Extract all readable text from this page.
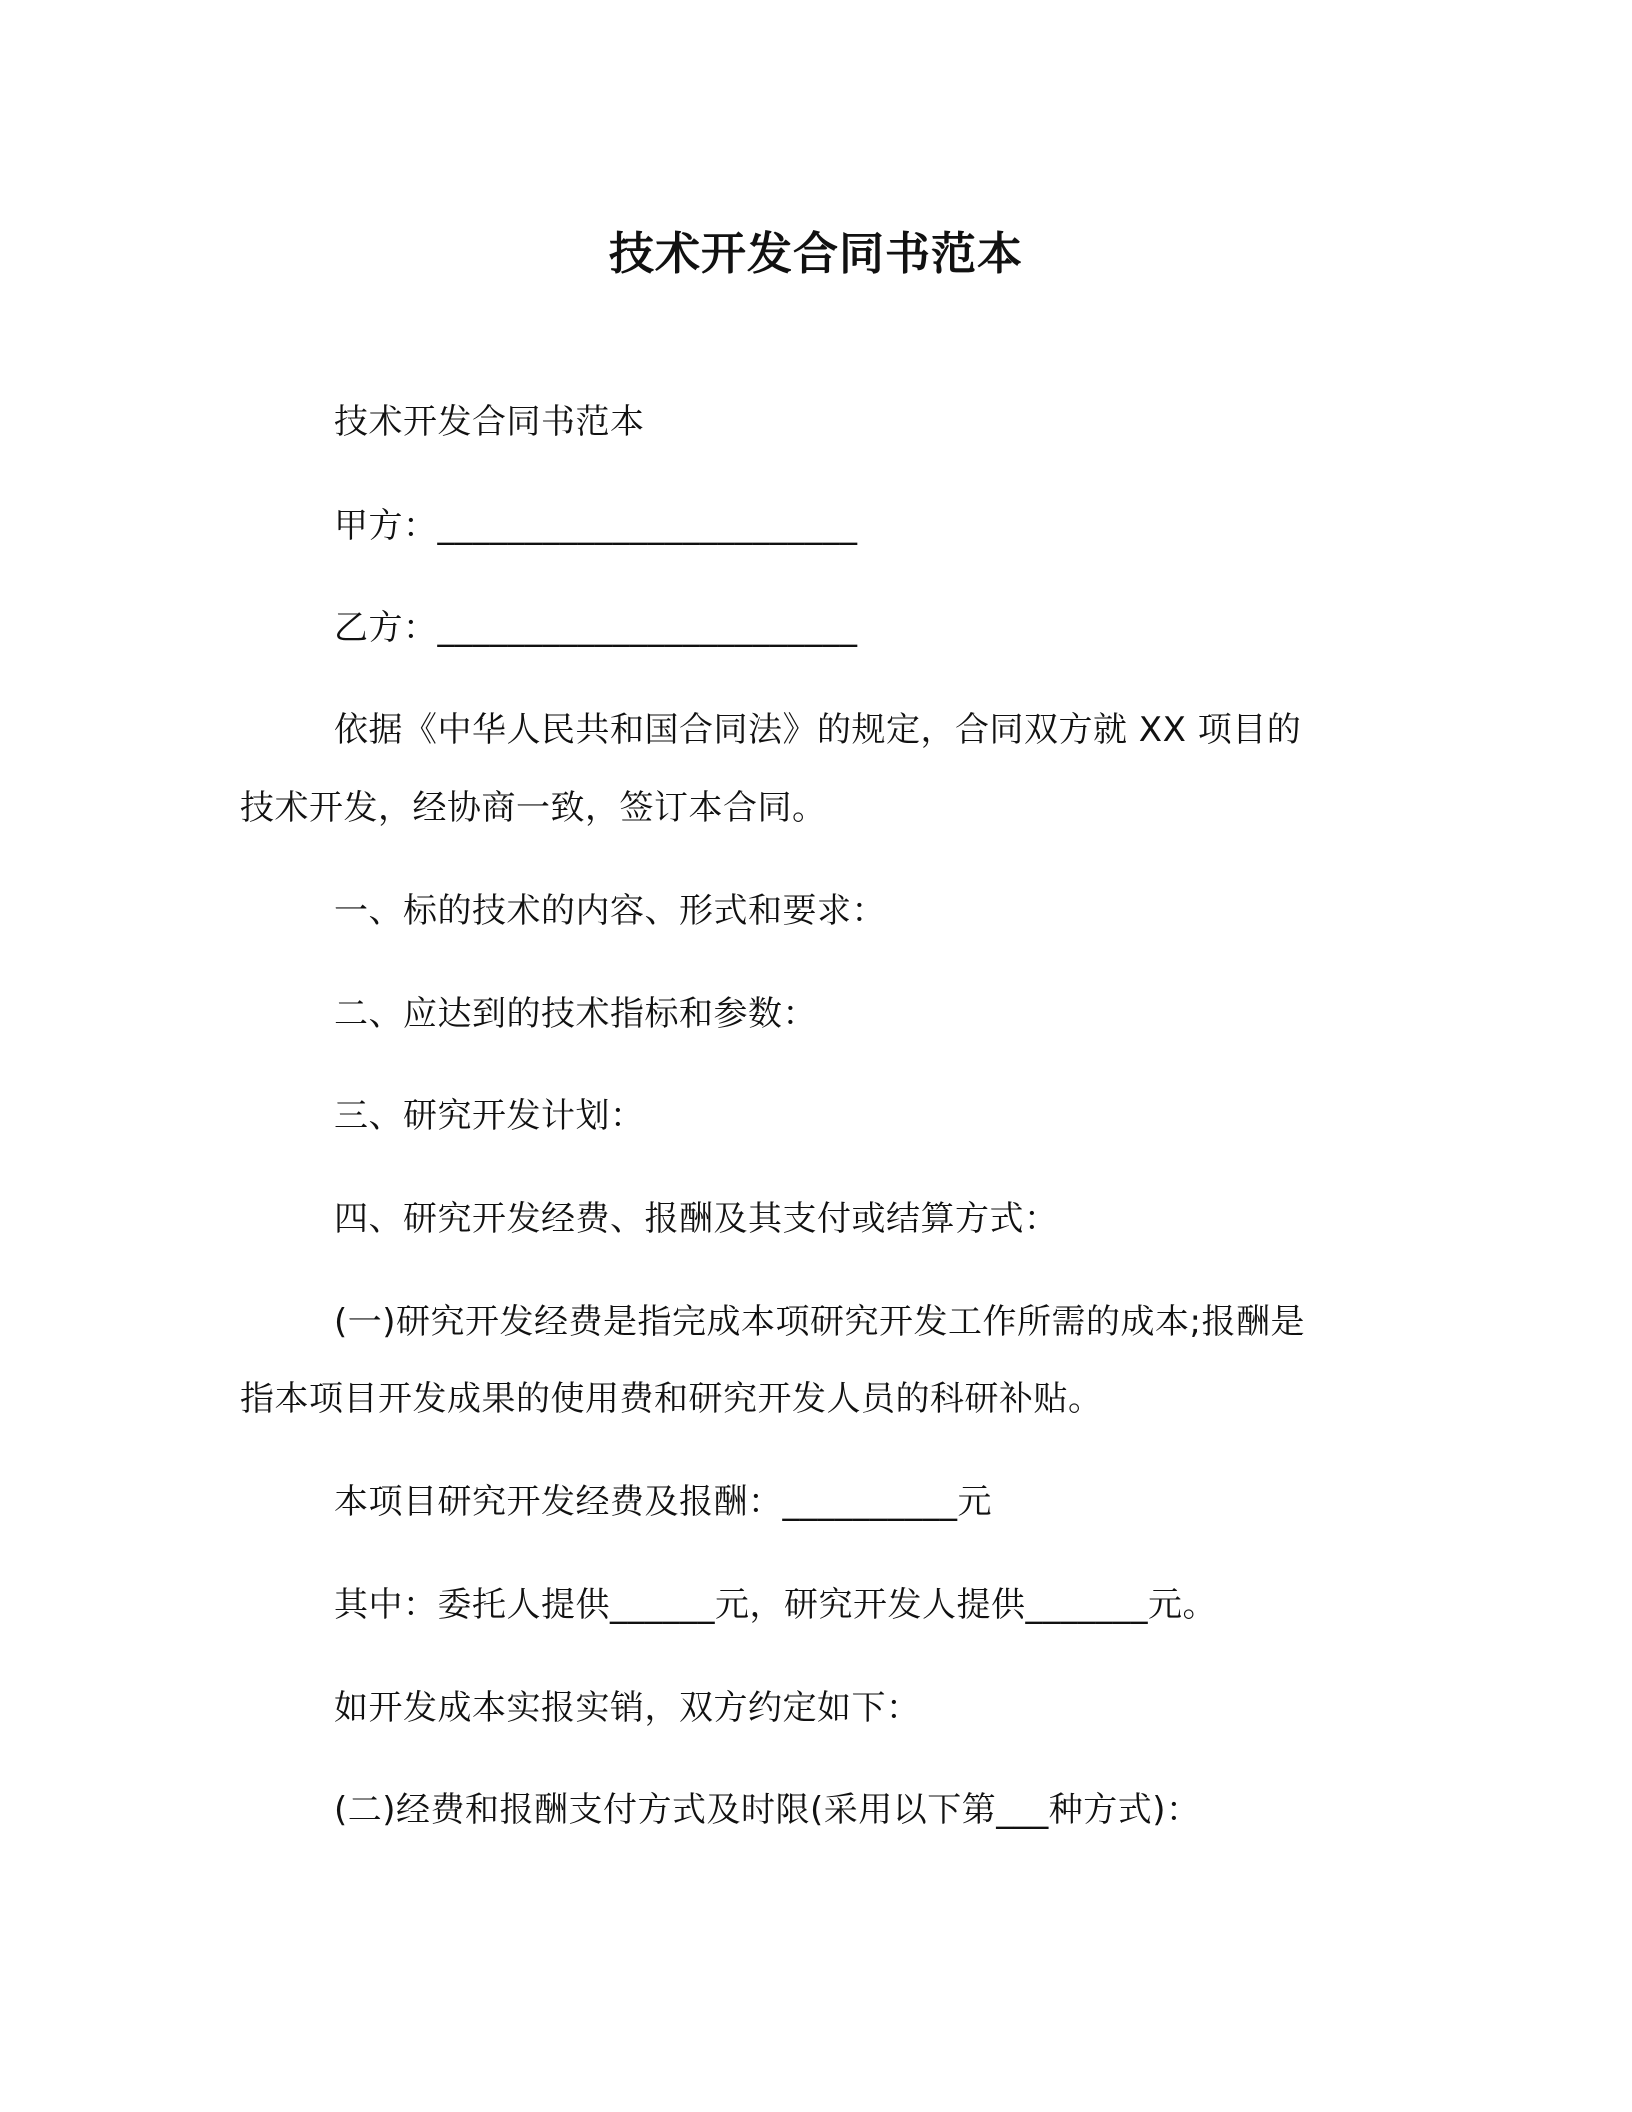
技术开发合同书范本
技术开发合同书范本
甲方：________________________
乙方：________________________
依据《中华人民共和国合同法》的规定，合同双方就 XX 项目的
技术开发，经协商一致，签订本合同。
一、标的技术的内容、形式和要求：
二、应达到的技术指标和参数：
三、研究开发计划：
四、研究开发经费、报酬及其支付或结算方式：
(一)研究开发经费是指完成本项研究开发工作所需的成本;报酬是
指本项目开发成果的使用费和研究开发人员的科研补贴。
本项目研究开发经费及报酬：__________元
其中：委托人提供______元，研究开发人提供_______元。
如开发成本实报实销，双方约定如下：
(二)经费和报酬支付方式及时限(采用以下第___种方式)：
